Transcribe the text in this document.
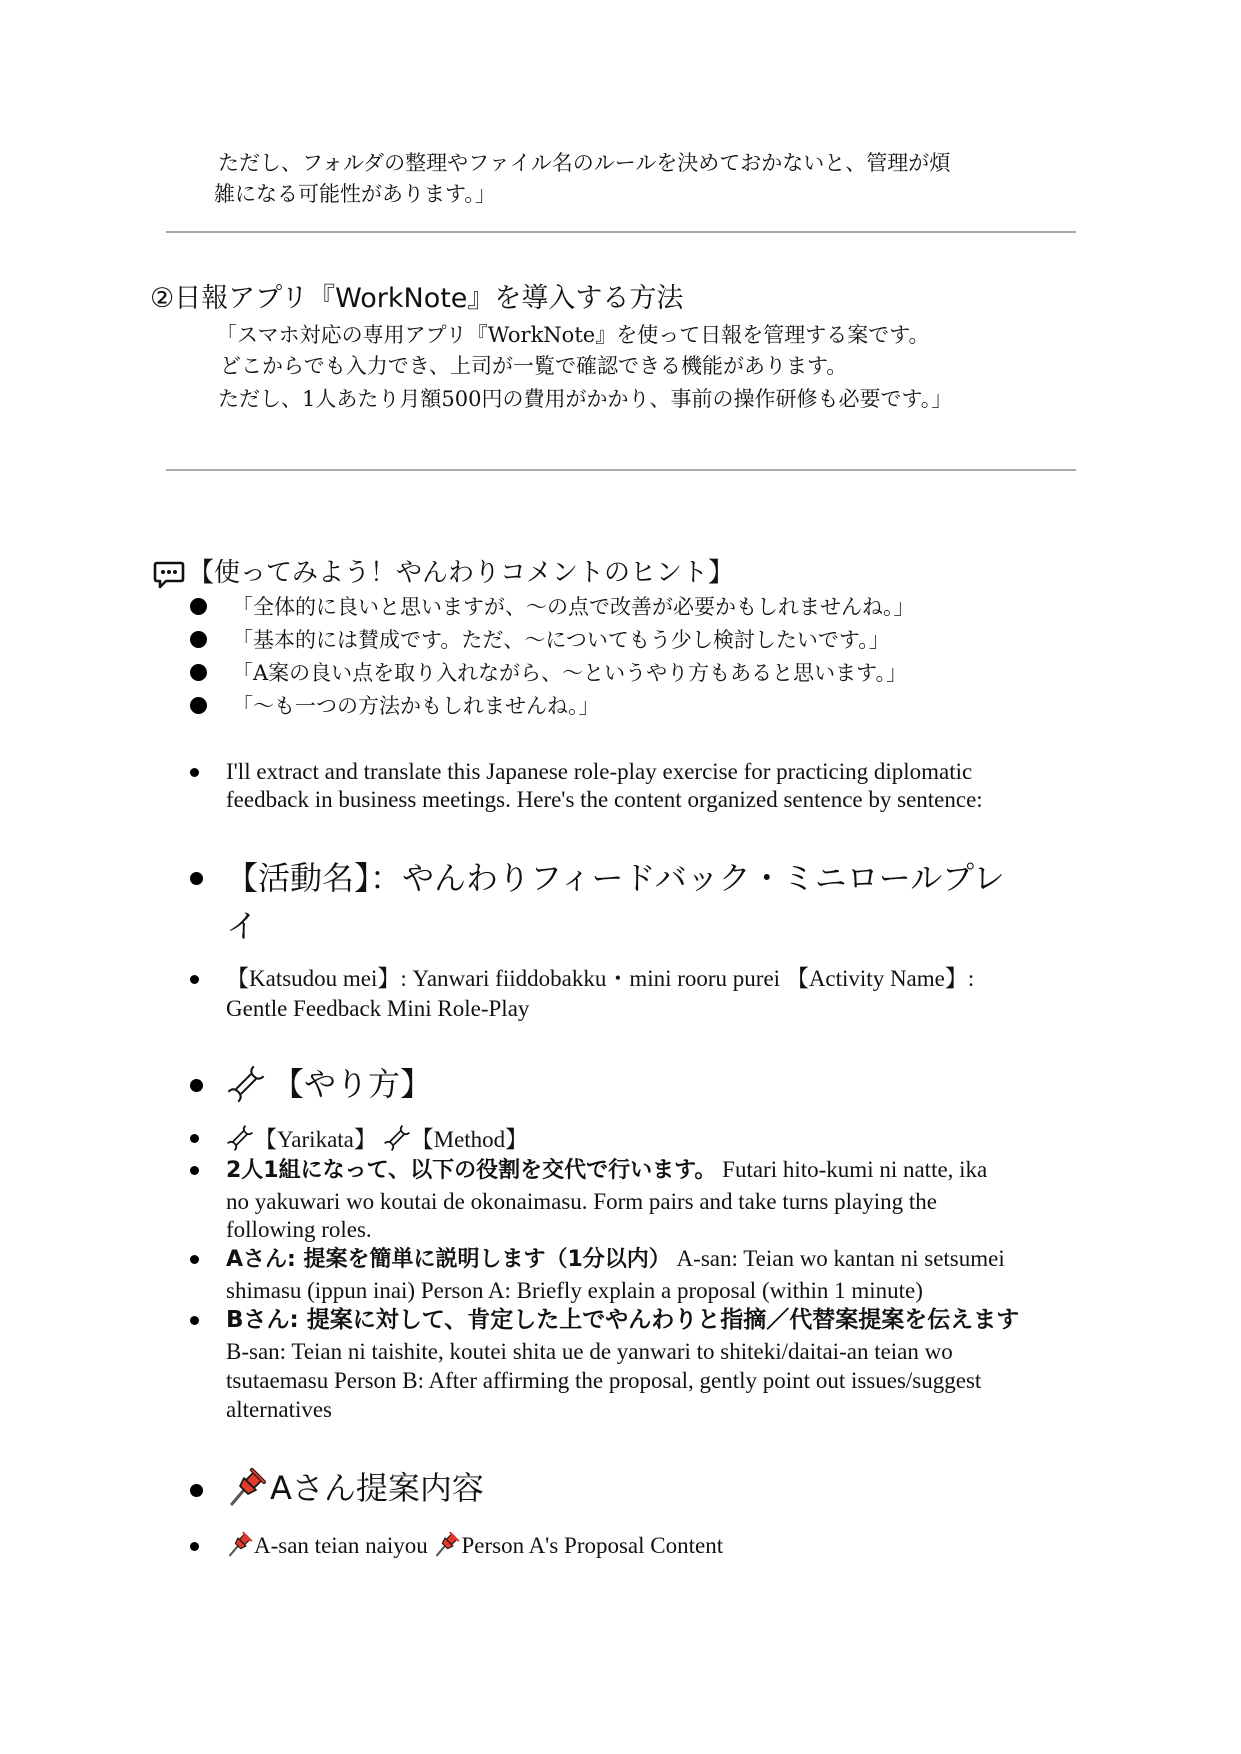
ただし、フォルダの整理やファイル名のルールを決めておかないと、管理が煩
雑になる可能性があります。」
②日報アプリ『WorkNote』を導入する方法
「スマホ対応の専用アプリ『WorkNote』を使って日報を管理する案です。
どこからでも入力でき、上司が一覧で確認できる機能があります。
ただし、1人あたり月額500円の費用がかかり、事前の操作研修も必要です。」
【使ってみよう！やんわりコメントのヒント】
「全体的に良いと思いますが、〜の点で改善が必要かもしれませんね。」
「基本的には賛成です。ただ、〜についてもう少し検討したいです。」
「A案の良い点を取り入れながら、〜というやり方もあると思います。」
「〜も一つの方法かもしれませんね。」
I'll extract and translate this Japanese role-play exercise for practicing diplomatic
feedback in business meetings. Here's the content organized sentence by sentence:
【活動名】：やんわりフィードバック・ミニロールプレ
イ
【Katsudou mei】: Yanwari fiiddobakku・mini rooru purei 【Activity Name】:
Gentle Feedback Mini Role-Play
【やり方】
【Yarikata】 【Method】
2人1組になって、以下の役割を交代で行います。 Futari hito-kumi ni natte, ika
no yakuwari wo koutai de okonaimasu. Form pairs and take turns playing the
following roles.
Aさん: 提案を簡単に説明します（1分以内） A-san: Teian wo kantan ni setsumei
shimasu (ippun inai) Person A: Briefly explain a proposal (within 1 minute)
Bさん: 提案に対して、肯定した上でやんわりと指摘／代替案提案を伝えます
B-san: Teian ni taishite, koutei shita ue de yanwari to shiteki/daitai-an teian wo
tsutaemasu Person B: After affirming the proposal, gently point out issues/suggest
alternatives
Aさん提案内容
A-san teian naiyou Person A's Proposal Content
